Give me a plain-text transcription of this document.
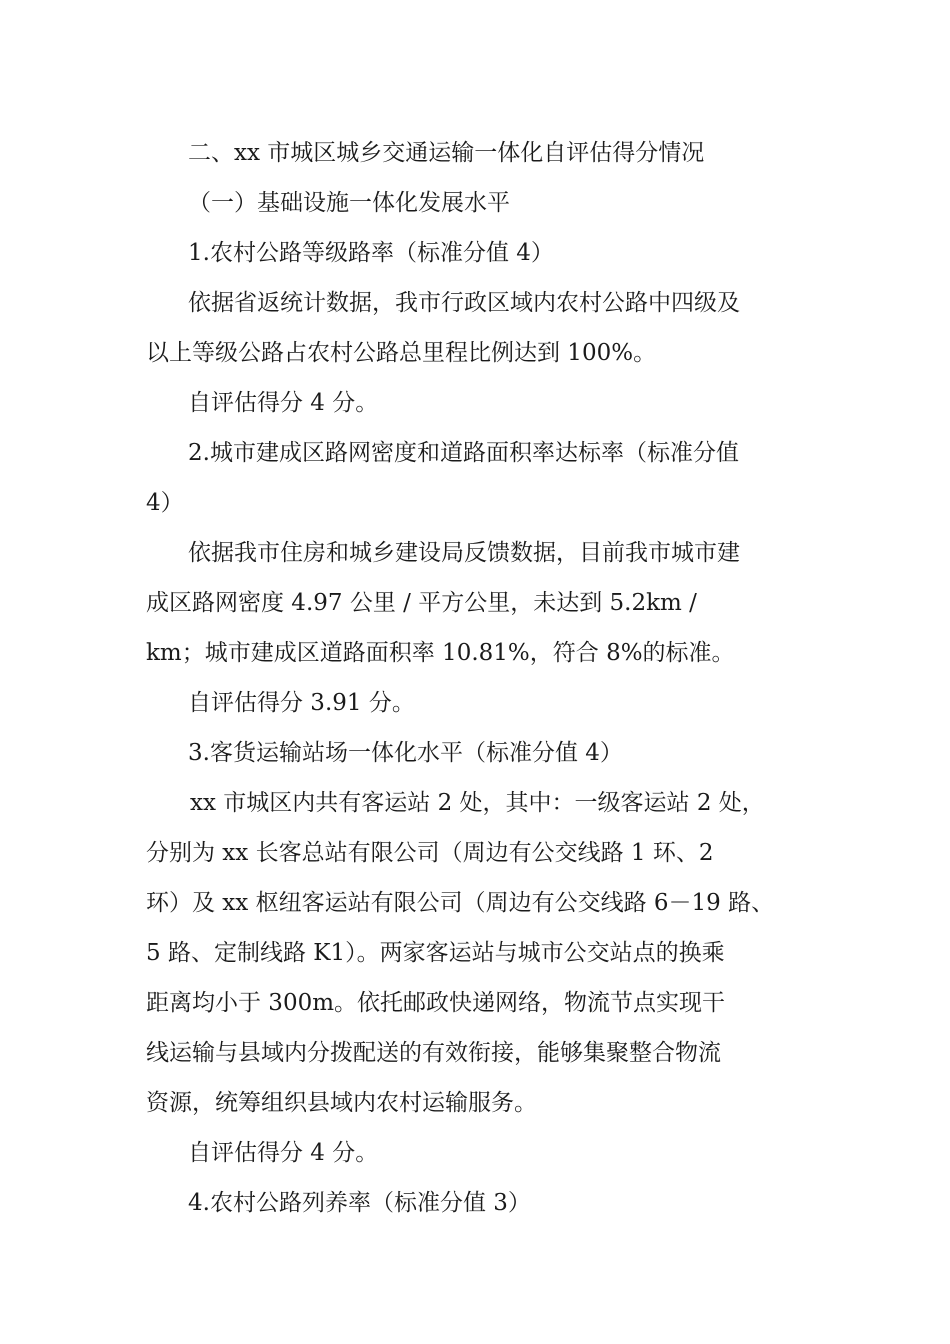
二、xx 市城区城乡交通运输一体化自评估得分情况
（一）基础设施一体化发展水平
1.农村公路等级路率（标准分值 4）
依据省返统计数据，我市行政区域内农村公路中四级及
以上等级公路占农村公路总里程比例达到 100%。
自评估得分 4 分。
2.城市建成区路网密度和道路面积率达标率（标准分值
4）
依据我市住房和城乡建设局反馈数据，目前我市城市建
成区路网密度 4.97 公里 / 平方公里，未达到 5.2km /
km；城市建成区道路面积率 10.81%，符合 8%的标准。
自评估得分 3.91 分。
3.客货运输站场一体化水平（标准分值 4）
xx 市城区内共有客运站 2 处，其中：一级客运站 2 处，
分别为 xx 长客总站有限公司（周边有公交线路 1 环、2
环）及 xx 枢纽客运站有限公司（周边有公交线路 6－19 路、
5 路、定制线路 K1）。两家客运站与城市公交站点的换乘
距离均小于 300m。依托邮政快递网络，物流节点实现干
线运输与县域内分拨配送的有效衔接，能够集聚整合物流
资源，统筹组织县域内农村运输服务。
自评估得分 4 分。
4.农村公路列养率（标准分值 3）
